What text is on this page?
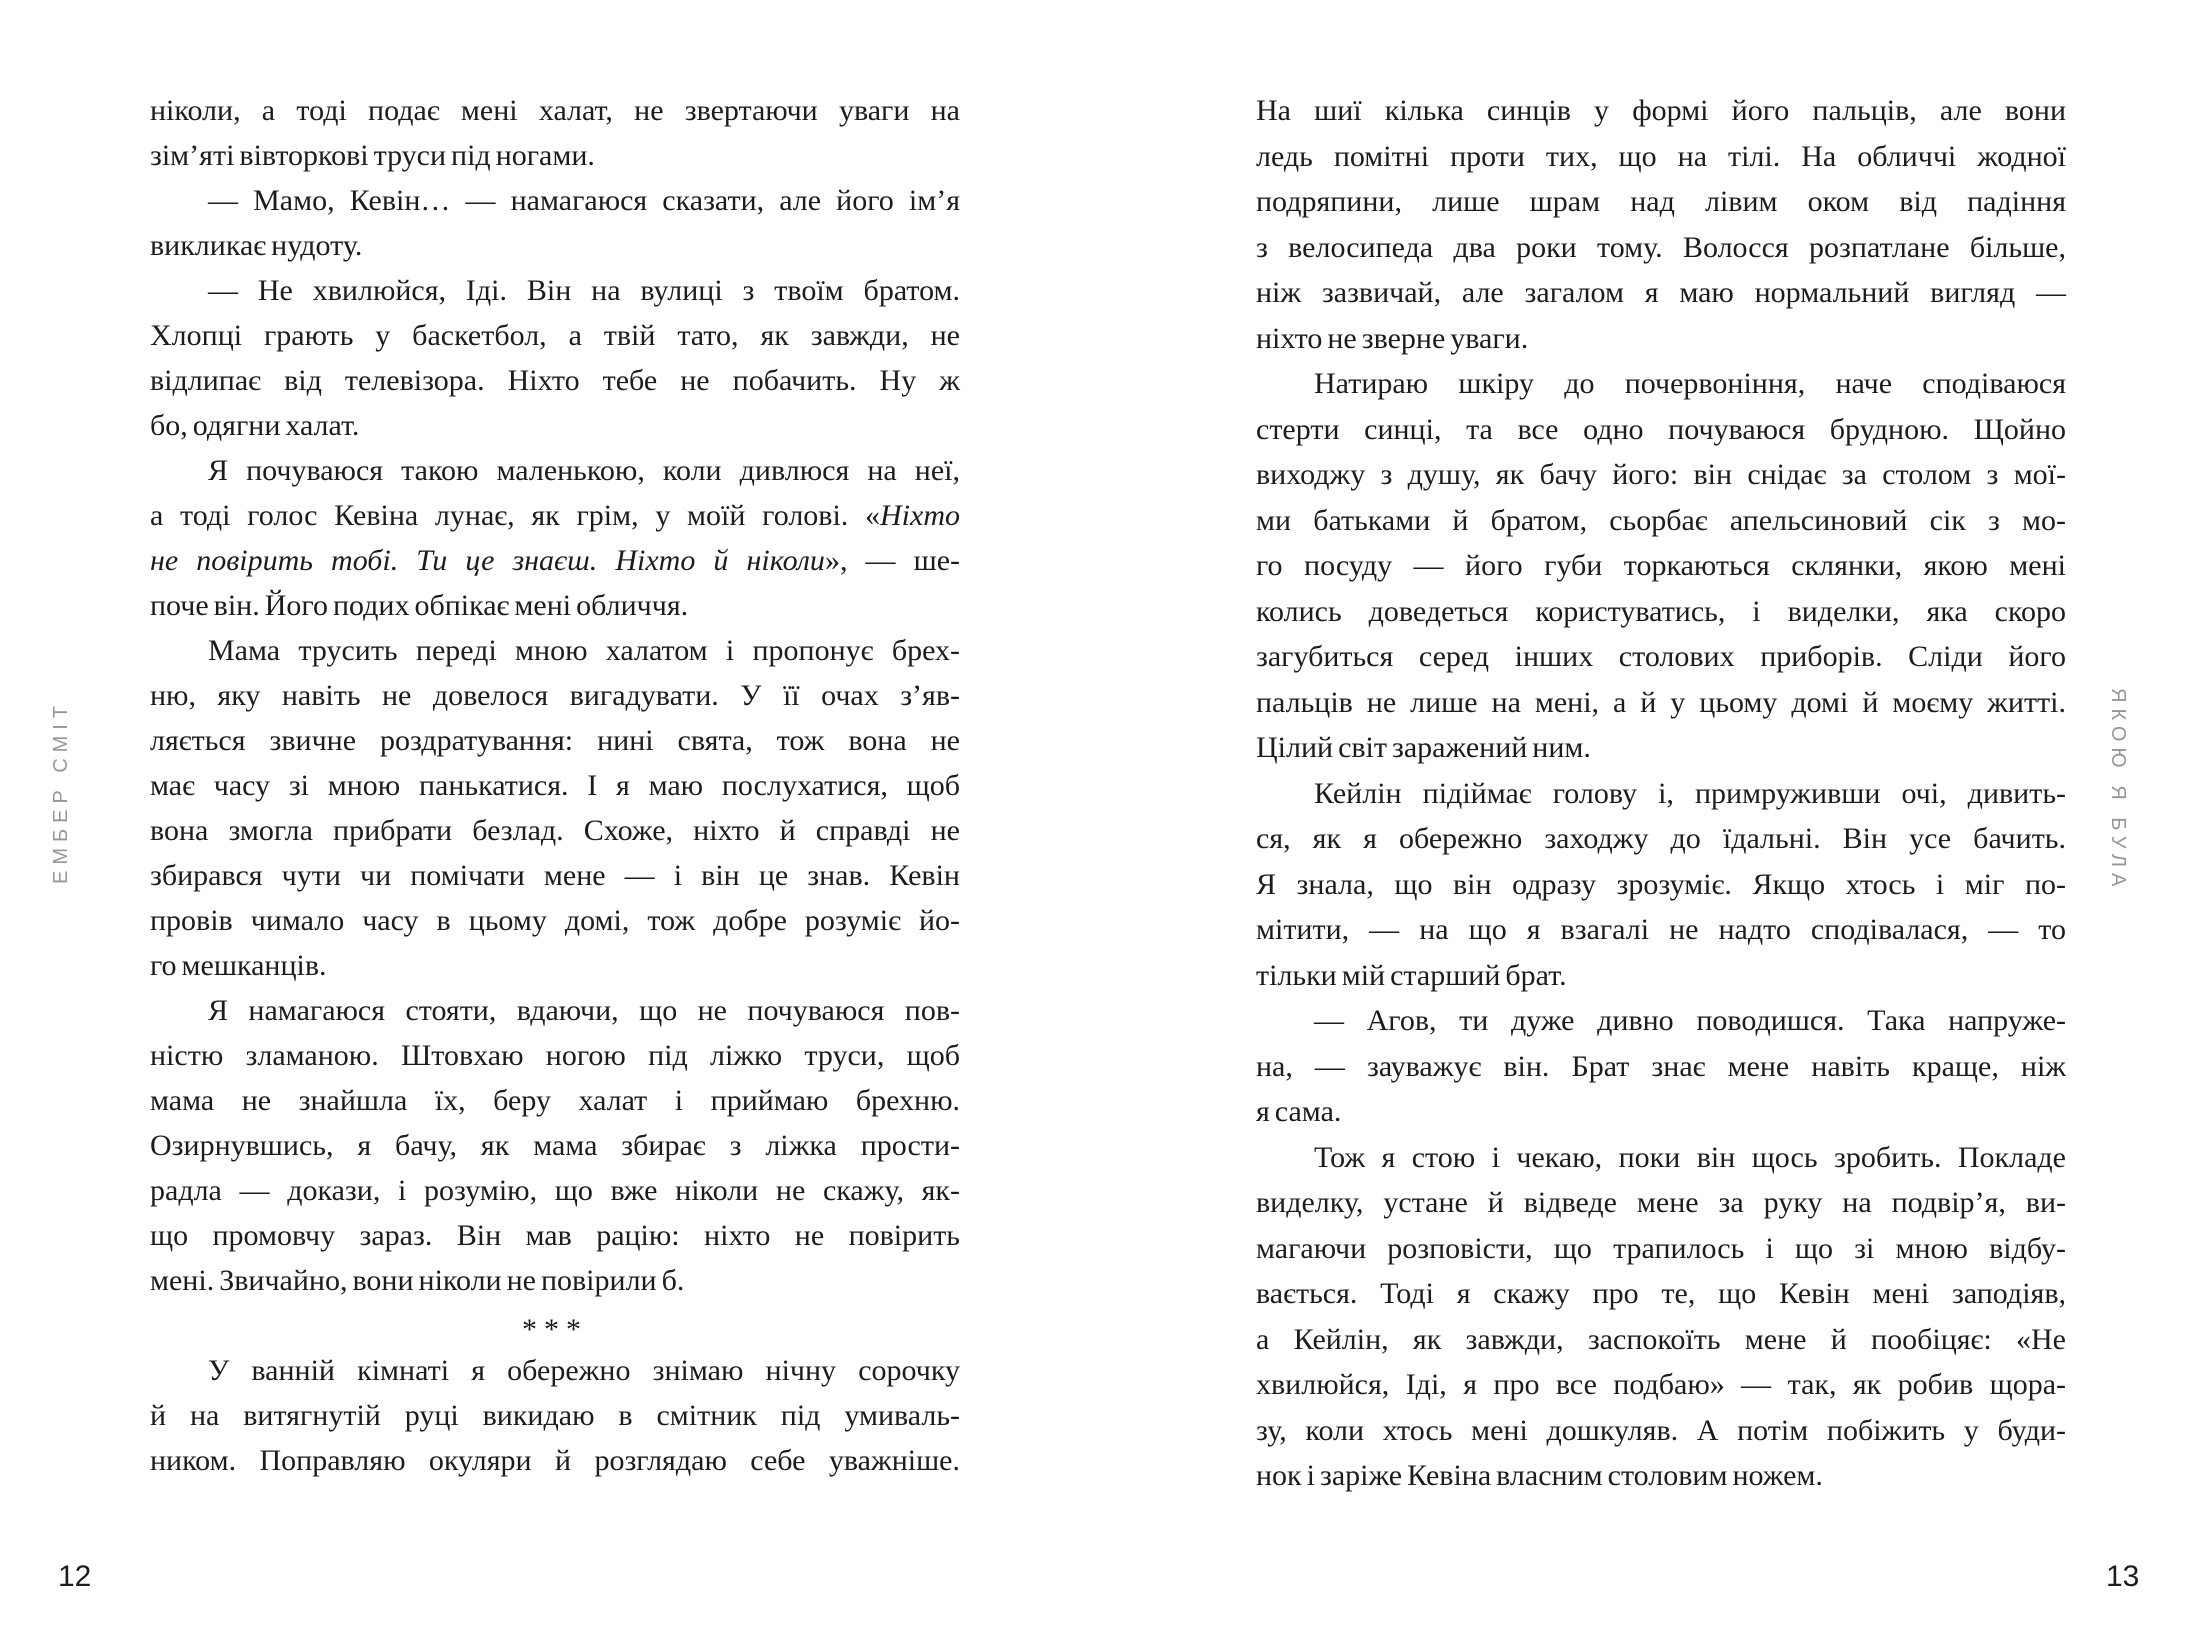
ЕМБЕР СМІТ
ніколи, а тоді подає мені халат, не звертаючи уваги на
зім’яті вівторкові труси під ногами.
— Мамо, Кевін… — намагаюся сказати, але його ім’я
викликає нудоту.
— Не хвилюйся, Іді. Він на вулиці з твоїм братом.
Хлопці грають у баскетбол, а твій тато, як завжди, не
відлипає від телевізора. Ніхто тебе не побачить. Ну ж
бо, одягни халат.
Я почуваюся такою маленькою, коли дивлюся на неї,
а тоді голос Кевіна лунає, як грім, у моїй голові. «Ніхто
не повірить тобі. Ти це знаєш. Ніхто й ніколи», — ше-
поче він. Його подих обпікає мені обличчя.
Мама трусить переді мною халатом і пропонує брех-
ню, яку навіть не довелося вигадувати. У її очах з’яв-
ляється звичне роздратування: нині свята, тож вона не
має часу зі мною панькатися. І я маю послухатися, щоб
вона змогла прибрати безлад. Схоже, ніхто й справді не
збирався чути чи помічати мене — і він це знав. Кевін
провів чимало часу в цьому домі, тож добре розуміє йо-
го мешканців.
Я намагаюся стояти, вдаючи, що не почуваюся пов-
ністю зламаною. Штовхаю ногою під ліжко труси, щоб
мама не знайшла їх, беру халат і приймаю брехню.
Озирнувшись, я бачу, як мама збирає з ліжка прости-
радла — докази, і розумію, що вже ніколи не скажу, як-
що промовчу зараз. Він мав рацію: ніхто не повірить
мені. Звичайно, вони ніколи не повірили б.
***
У ванній кімнаті я обережно знімаю нічну сорочку
й на витягнутій руці викидаю в смітник під умиваль-
ником. Поправляю окуляри й розглядаю себе уважніше.
12
ЯКОЮ Я БУЛА
На шиї кілька синців у формі його пальців, але вони
ледь помітні проти тих, що на тілі. На обличчі жодної
подряпини, лише шрам над лівим оком від падіння
з велосипеда два роки тому. Волосся розпатлане більше,
ніж зазвичай, але загалом я маю нормальний вигляд —
ніхто не зверне уваги.
Натираю шкіру до почервоніння, наче сподіваюся
стерти синці, та все одно почуваюся брудною. Щойно
виходжу з душу, як бачу його: він снідає за столом з мої-
ми батьками й братом, сьорбає апельсиновий сік з мо-
го посуду — його губи торкаються склянки, якою мені
колись доведеться користуватись, і виделки, яка скоро
загубиться серед інших столових приборів. Сліди його
пальців не лише на мені, а й у цьому домі й моєму житті.
Цілий світ заражений ним.
Кейлін підіймає голову і, примруживши очі, дивить-
ся, як я обережно заходжу до їдальні. Він усе бачить.
Я знала, що він одразу зрозуміє. Якщо хтось і міг по-
мітити, — на що я взагалі не надто сподівалася, — то
тільки мій старший брат.
— Агов, ти дуже дивно поводишся. Така напруже-
на, — зауважує він. Брат знає мене навіть краще, ніж
я сама.
Тож я стою і чекаю, поки він щось зробить. Покладе
виделку, устане й відведе мене за руку на подвір’я, ви-
магаючи розповісти, що трапилось і що зі мною відбу-
вається. Тоді я скажу про те, що Кевін мені заподіяв,
а Кейлін, як завжди, заспокоїть мене й пообіцяє: «Не
хвилюйся, Іді, я про все подбаю» — так, як робив щора-
зу, коли хтось мені дошкуляв. А потім побіжить у буди-
нок і заріже Кевіна власним столовим ножем.
13
